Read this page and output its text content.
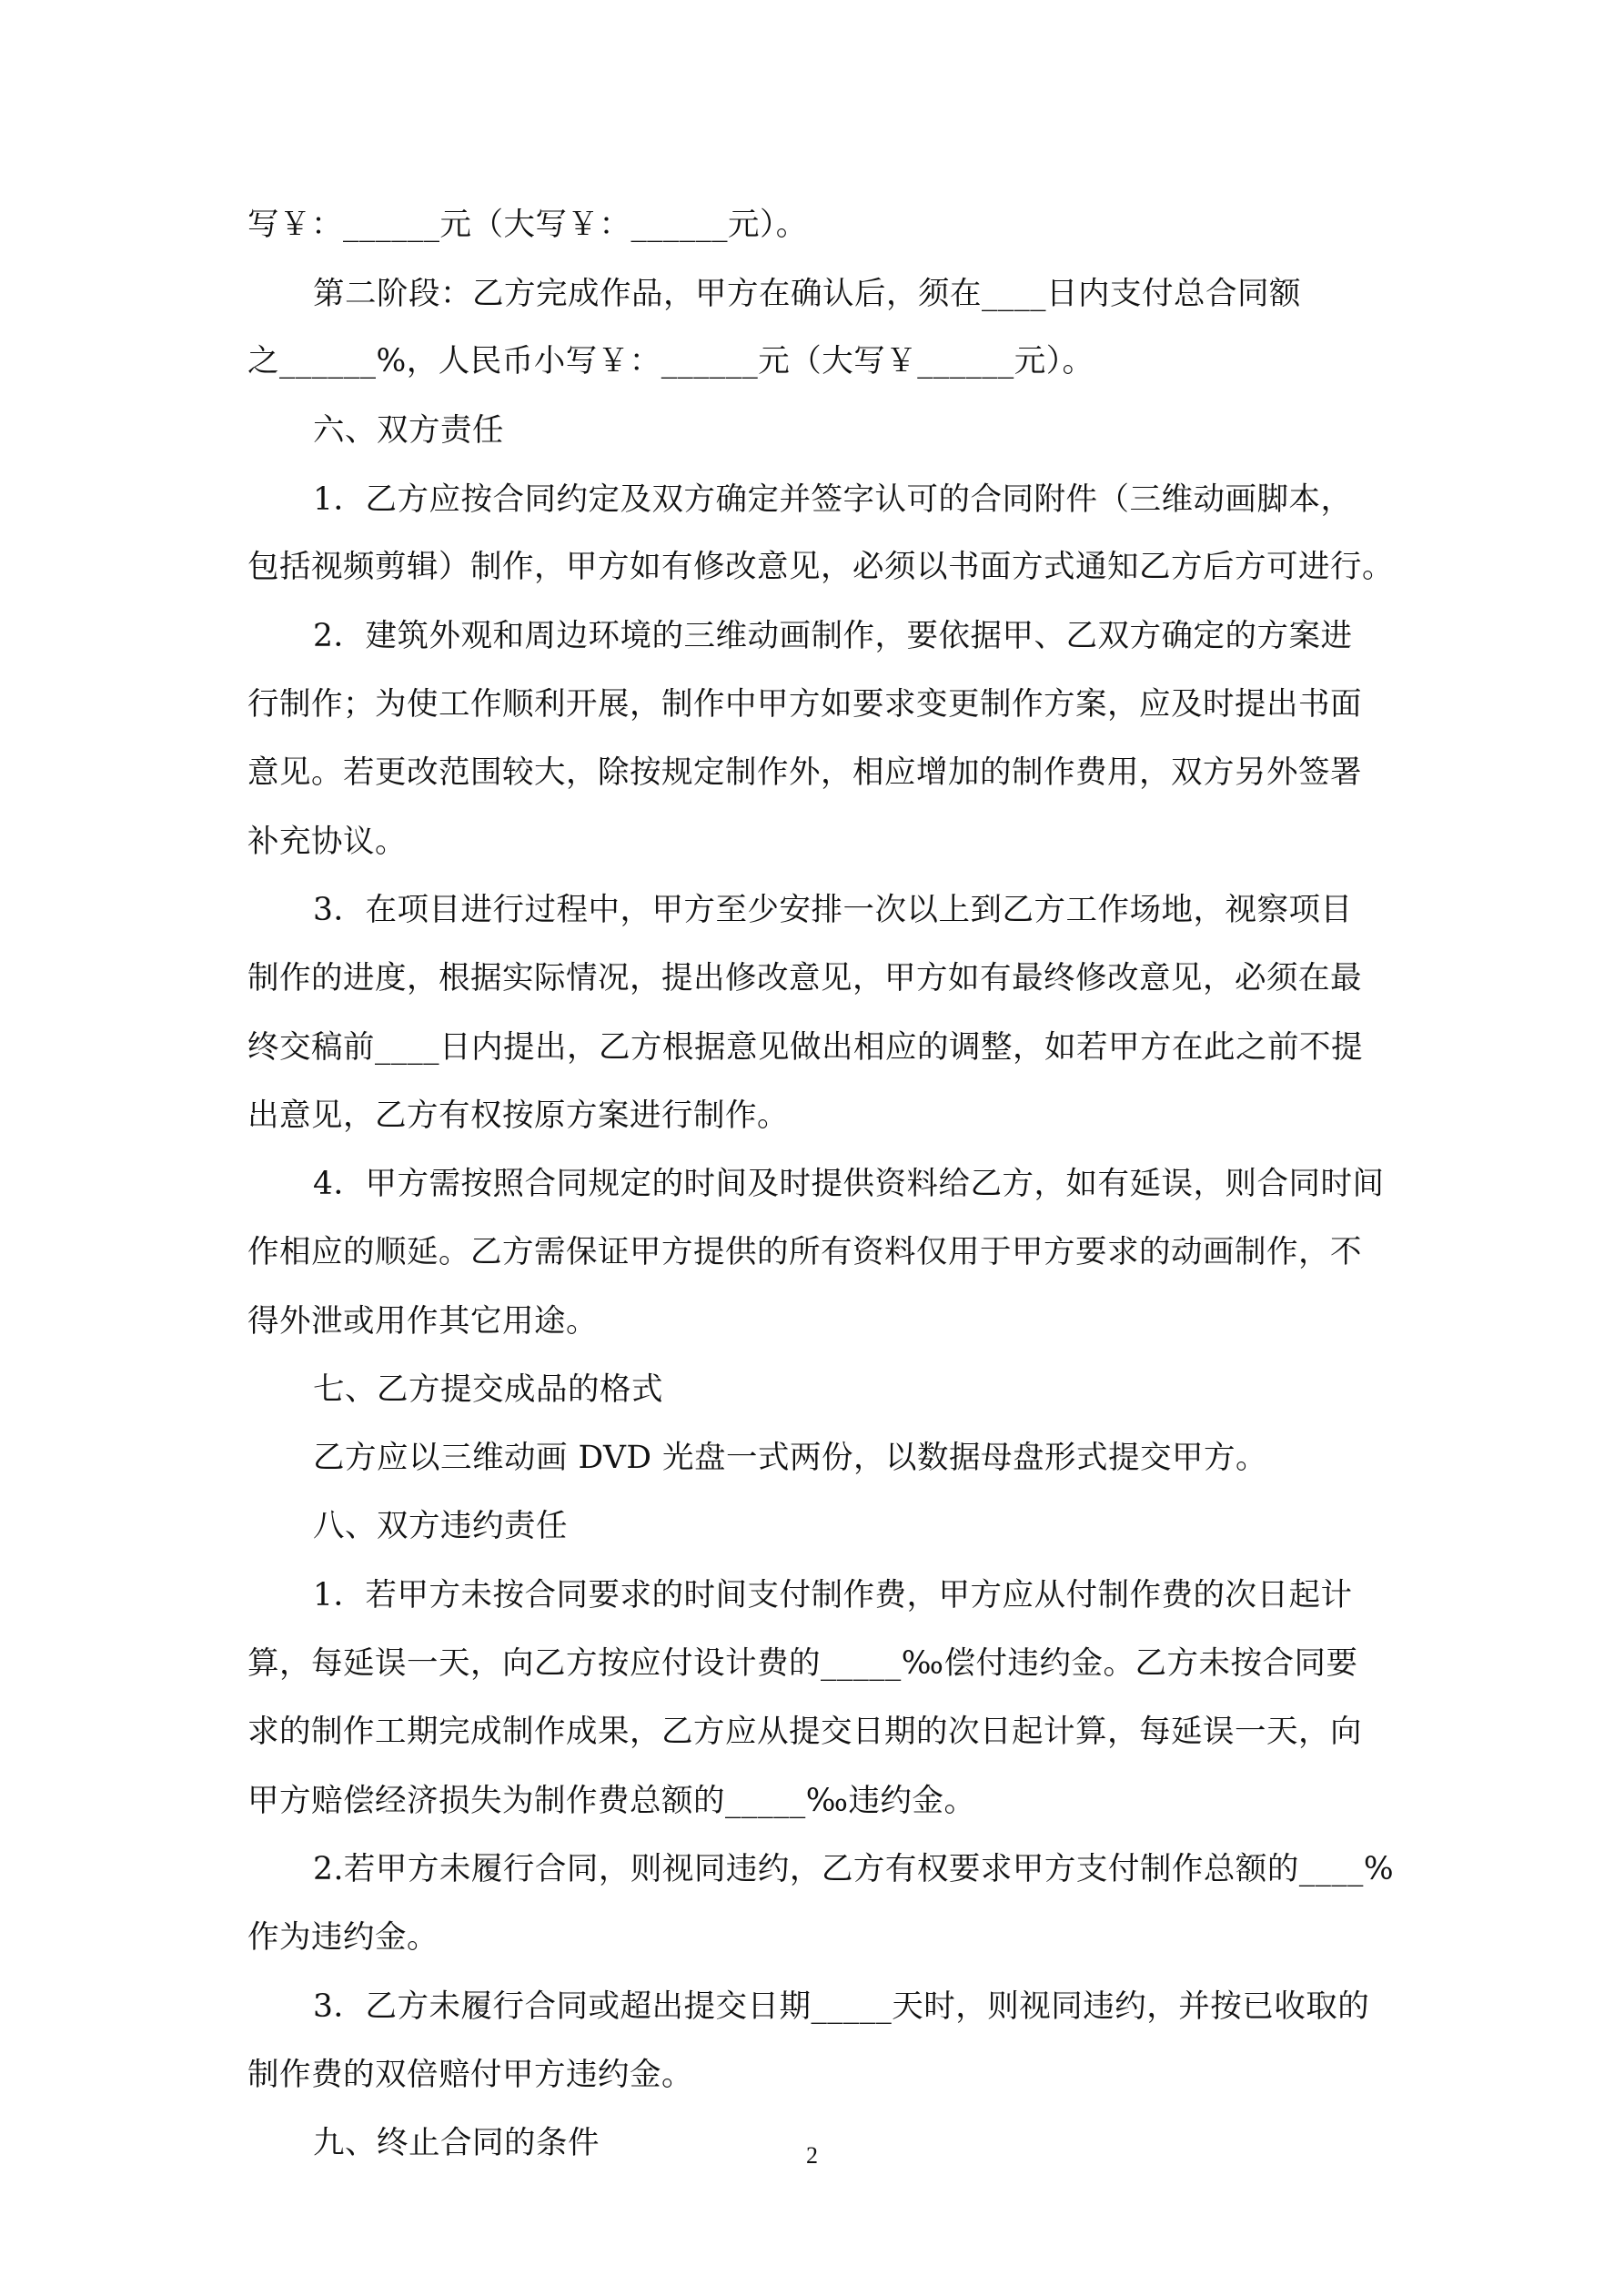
写￥：______元（大写￥：______元）。
第二阶段：乙方完成作品，甲方在确认后，须在____日内支付总合同额
之______%，人民币小写￥：______元（大写￥______元）。
六、双方责任
1．乙方应按合同约定及双方确定并签字认可的合同附件（三维动画脚本，
包括视频剪辑）制作，甲方如有修改意见，必须以书面方式通知乙方后方可进行。
2．建筑外观和周边环境的三维动画制作，要依据甲、乙双方确定的方案进
行制作；为使工作顺利开展，制作中甲方如要求变更制作方案，应及时提出书面
意见。若更改范围较大，除按规定制作外，相应增加的制作费用，双方另外签署
补充协议。
3．在项目进行过程中，甲方至少安排一次以上到乙方工作场地，视察项目
制作的进度，根据实际情况，提出修改意见，甲方如有最终修改意见，必须在最
终交稿前____日内提出，乙方根据意见做出相应的调整，如若甲方在此之前不提
出意见，乙方有权按原方案进行制作。
4．甲方需按照合同规定的时间及时提供资料给乙方，如有延误，则合同时间
作相应的顺延。乙方需保证甲方提供的所有资料仅用于甲方要求的动画制作，不
得外泄或用作其它用途。
七、乙方提交成品的格式
乙方应以三维动画 DVD 光盘一式两份，以数据母盘形式提交甲方。
八、双方违约责任
1．若甲方未按合同要求的时间支付制作费，甲方应从付制作费的次日起计
算，每延误一天，向乙方按应付设计费的_____‰偿付违约金。乙方未按合同要
求的制作工期完成制作成果，乙方应从提交日期的次日起计算，每延误一天，向
甲方赔偿经济损失为制作费总额的_____‰违约金。
2.若甲方未履行合同，则视同违约，乙方有权要求甲方支付制作总额的____%
作为违约金。
3．乙方未履行合同或超出提交日期_____天时，则视同违约，并按已收取的
制作费的双倍赔付甲方违约金。
九、终止合同的条件	2
